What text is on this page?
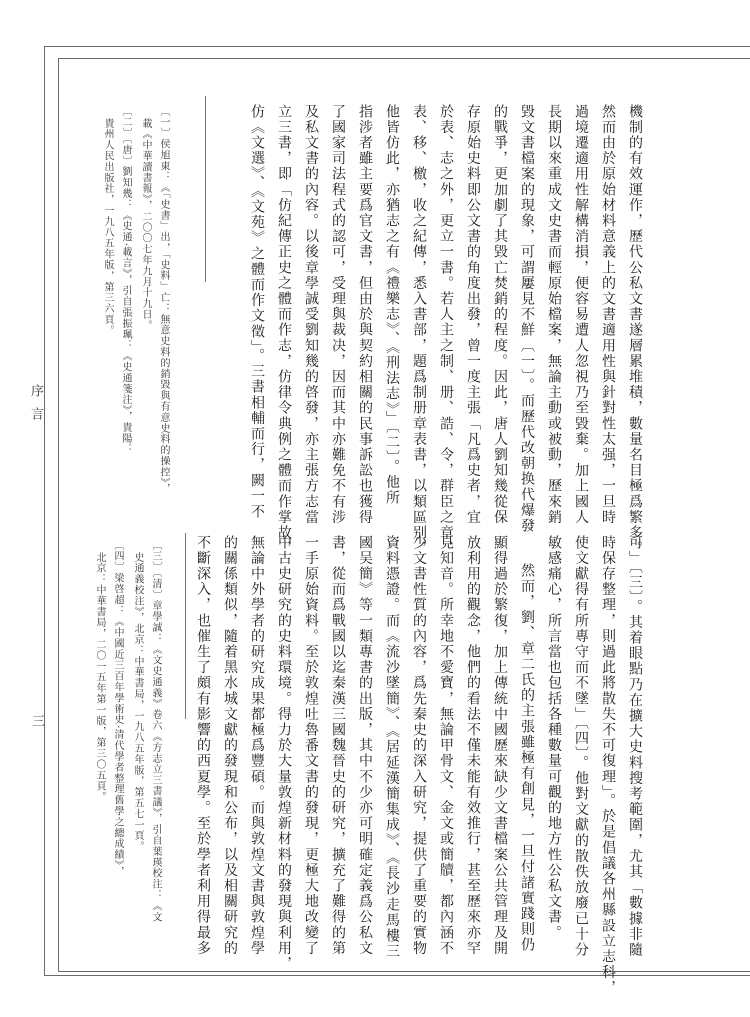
序言
三
機制的有效運作，歷代公私文書遂層累堆積，數量名目極爲繁多。
然而由於原始材料意義上的文書適用性與針對性太强，一旦時
過境遷適用性解構消損，便容易遭人忽視乃至毀棄。加上國人
長期以來重成文史書而輕原始檔案，無論主動或被動，歷來銷
毀文書檔案的現象，可謂屢見不鮮〔一〕。而歷代改朝换代爆發
的戰爭，更加劇了其毀亡焚銷的程度。因此，唐人劉知幾從保
存原始史料即公文書的角度出發，曾一度主張「凡爲史者，宜
於表、志之外，更立一書。若人主之制、册、誥、令，群臣之章、
表、移、檄，收之紀傳，悉入書部，題爲制册章表書，以類區别，
他皆仿此，亦猶志之有《禮樂志》、《刑法志》」〔二〕。他所
指涉者雖主要爲官文書，但由於與契約相關的民事訴訟也獲得
了國家司法程式的認可，受理與裁决，因而其中亦難免不有涉
及私文書的內容。以後章學誠受劉知幾的啓發，亦主張方志當
立三書，即「仿紀傳正史之體而作志，仿律令典例之體而作掌故，
仿《文選》、《文苑》之體而作文徵」。三書相輔而行，闕一不
〔一〕侯旭東：《「史書」出，「史料」亡：無意史料的銷毀與有意史料的操控》，
載《中華讀書報》，二〇〇七年九月十九日。
〔二〕〔唐〕劉知幾：《史通·載言》，引自張振珮：《史通箋注》，貴陽：
貴州人民出版社，一九八五年版，第三六頁。
可」〔三〕。其着眼點乃在擴大史料搜考範圍，尤其「數據非隨
時保存整理，則過此將散失不可復理」。於是倡議各州縣設立志科，
使文獻得有所專守而不墜」〔四〕。他對文獻的散佚放廢已十分
敏感痛心，所言當也包括各種數量可觀的地方性公私文書。
然而，劉、章二氏的主張雖極有創見，一旦付諸實踐則仍
顯得過於繁復，加上傳統中國歷來缺少文書檔案公共管理及開
放利用的觀念，他們的看法不僅未能有效推行，甚至歷來亦罕
見知音。所幸地不愛寶，無論甲骨文、金文或簡牘，都內涵不
少文書性質的內容，爲先秦史的深入研究，提供了重要的實物
資料憑證。而《流沙墜簡》、《居延漢簡集成》、《長沙走馬樓三
國吴簡》等一類專書的出版，其中不少亦可明確定義爲公私文
書，從而爲戰國以迄秦漢三國魏晉史的研究，擴充了難得的第
一手原始資料。至於敦煌吐魯番文書的發現，更極大地改變了
中古史研究的史料環境。得力於大量敦煌新材料的發現與利用，
無論中外學者的研究成果都極爲豐碩。而與敦煌文書與敦煌學
的關係類似，隨着黑水城文獻的發現和公布，以及相關研究的
不斷深入，也催生了頗有影響的西夏學。至於學者利用得最多
〔三〕〔清〕章學誠：《文史通義》卷六《方志立三書議》，引自葉瑛校注：《文
史通義校注》，北京：中華書局，一九八五年版，第五七一頁。
〔四〕梁啓超：《中國近三百年學術史·清代學者整理舊學之總成績》，
北京：中華書局，二〇一五年第一版，第三〇五頁。
